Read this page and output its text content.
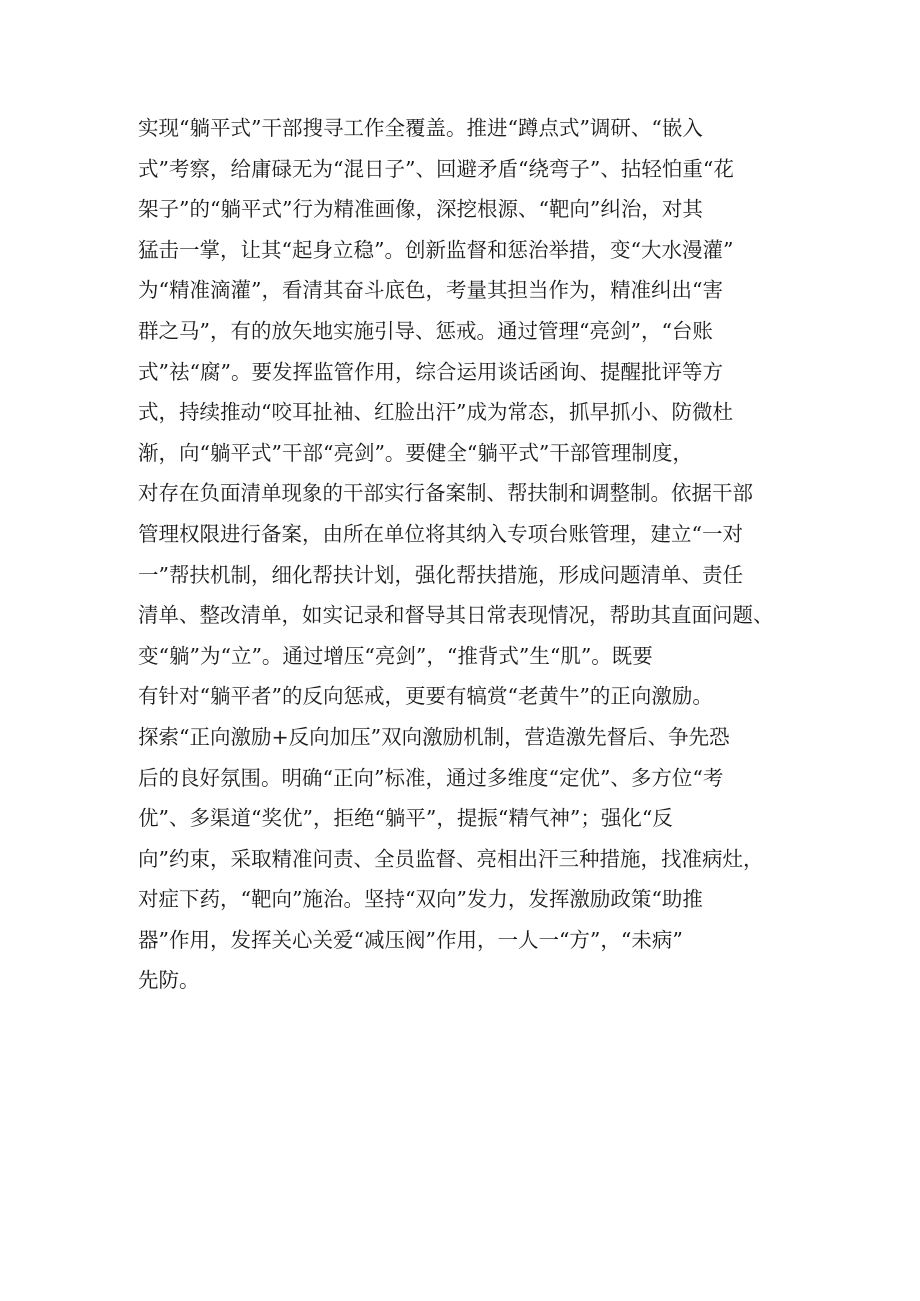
实现“躺平式”干部搜寻工作全覆盖。推进“蹲点式”调研、“嵌入
式”考察，给庸碌无为“混日子”、回避矛盾“绕弯子”、拈轻怕重“花
架子”的“躺平式”行为精准画像，深挖根源、“靶向”纠治，对其
猛击一掌，让其“起身立稳”。创新监督和惩治举措，变“大水漫灌”
为“精准滴灌”，看清其奋斗底色，考量其担当作为，精准纠出“害
群之马”，有的放矢地实施引导、惩戒。通过管理“亮剑”，“台账
式”祛“腐”。要发挥监管作用，综合运用谈话函询、提醒批评等方
式，持续推动“咬耳扯袖、红脸出汗”成为常态，抓早抓小、防微杜
渐，向“躺平式”干部“亮剑”。要健全“躺平式”干部管理制度，
对存在负面清单现象的干部实行备案制、帮扶制和调整制。依据干部
管理权限进行备案，由所在单位将其纳入专项台账管理，建立“一对
一”帮扶机制，细化帮扶计划，强化帮扶措施，形成问题清单、责任
清单、整改清单，如实记录和督导其日常表现情况，帮助其直面问题、
变“躺”为“立”。通过增压“亮剑”，“推背式”生“肌”。既要
有针对“躺平者”的反向惩戒，更要有犒赏“老黄牛”的正向激励。
探索“正向激励+反向加压”双向激励机制，营造激先督后、争先恐
后的良好氛围。明确“正向”标准，通过多维度“定优”、多方位“考
优”、多渠道“奖优”，拒绝“躺平”，提振“精气神”；强化“反
向”约束，采取精准问责、全员监督、亮相出汗三种措施，找准病灶，
对症下药，“靶向”施治。坚持“双向”发力，发挥激励政策“助推
器”作用，发挥关心关爱“减压阀”作用，一人一“方”，“未病”
先防。
